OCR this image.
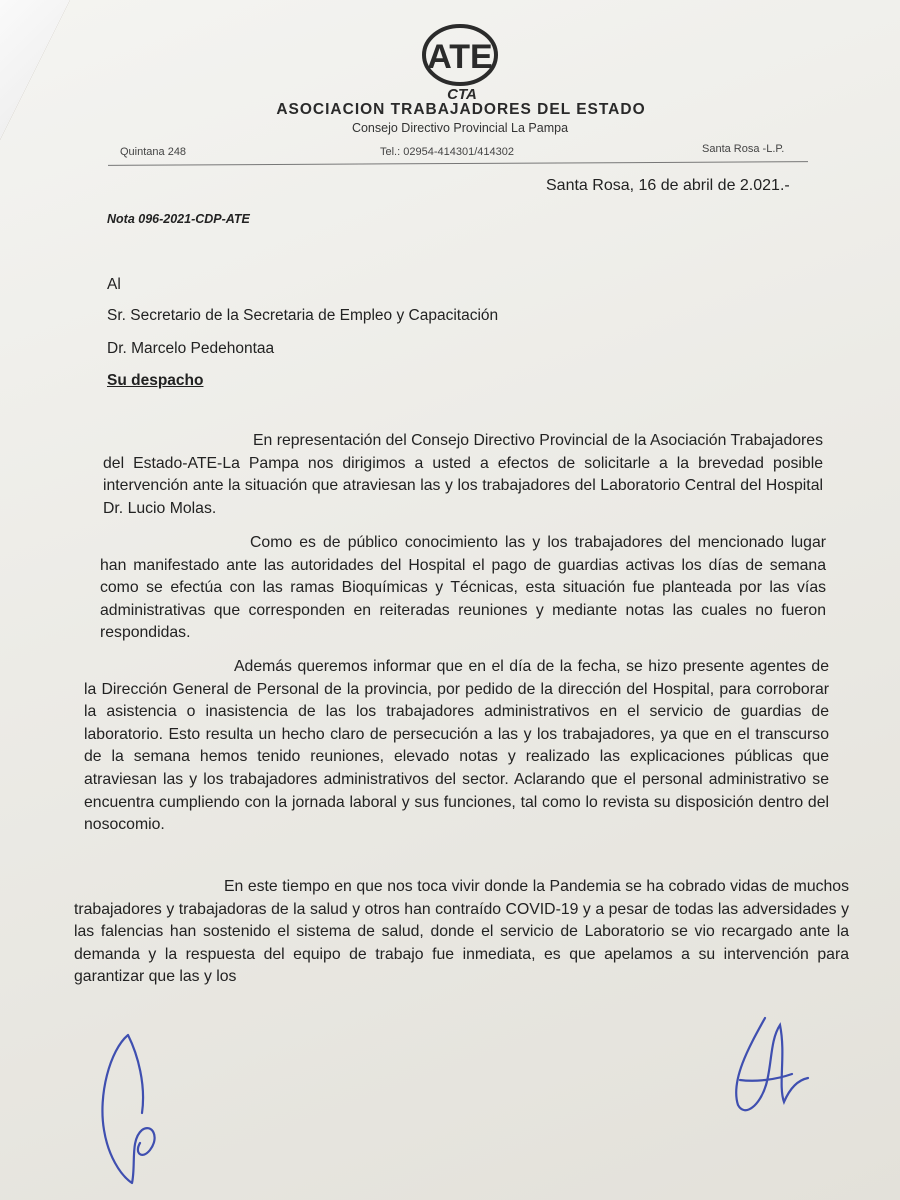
ATE
CTA
ASOCIACION TRABAJADORES DEL ESTADO
Consejo Directivo Provincial La Pampa
Quintana 248	Tel.: 02954-414301/414302	Santa Rosa -L.P.
Santa Rosa, 16 de abril de 2.021.-
Nota 096-2021-CDP-ATE
Al
Sr. Secretario de la Secretaria de Empleo y Capacitación
Dr. Marcelo Pedehontaa
Su despacho
En representación del Consejo Directivo Provincial de la Asociación Trabajadores del Estado-ATE-La Pampa nos dirigimos a usted a efectos de solicitarle a la brevedad posible intervención ante la situación que atraviesan las y los trabajadores del Laboratorio Central del Hospital Dr. Lucio Molas.
Como es de público conocimiento las y los trabajadores del mencionado lugar han manifestado ante las autoridades del Hospital el pago de guardias activas los días de semana como se efectúa con las ramas Bioquímicas y Técnicas, esta situación fue planteada por las vías administrativas que corresponden en reiteradas reuniones y mediante notas las cuales no fueron respondidas.
Además queremos informar que en el día de la fecha, se hizo presente agentes de la Dirección General de Personal de la provincia, por pedido de la dirección del Hospital, para corroborar la asistencia o inasistencia de las los trabajadores administrativos en el servicio de guardias de laboratorio. Esto resulta un hecho claro de persecución a las y los trabajadores, ya que en el transcurso de la semana hemos tenido reuniones, elevado notas y realizado las explicaciones públicas que atraviesan las y los trabajadores administrativos del sector. Aclarando que el personal administrativo se encuentra cumpliendo con la jornada laboral y sus funciones, tal como lo revista su disposición dentro del nosocomio.
En este tiempo en que nos toca vivir donde la Pandemia se ha cobrado vidas de muchos trabajadores y trabajadoras de la salud y otros han contraído COVID-19 y a pesar de todas las adversidades y las falencias han sostenido el sistema de salud, donde el servicio de Laboratorio se vio recargado ante la demanda y la respuesta del equipo de trabajo fue inmediata, es que apelamos a su intervención para garantizar que las y los
